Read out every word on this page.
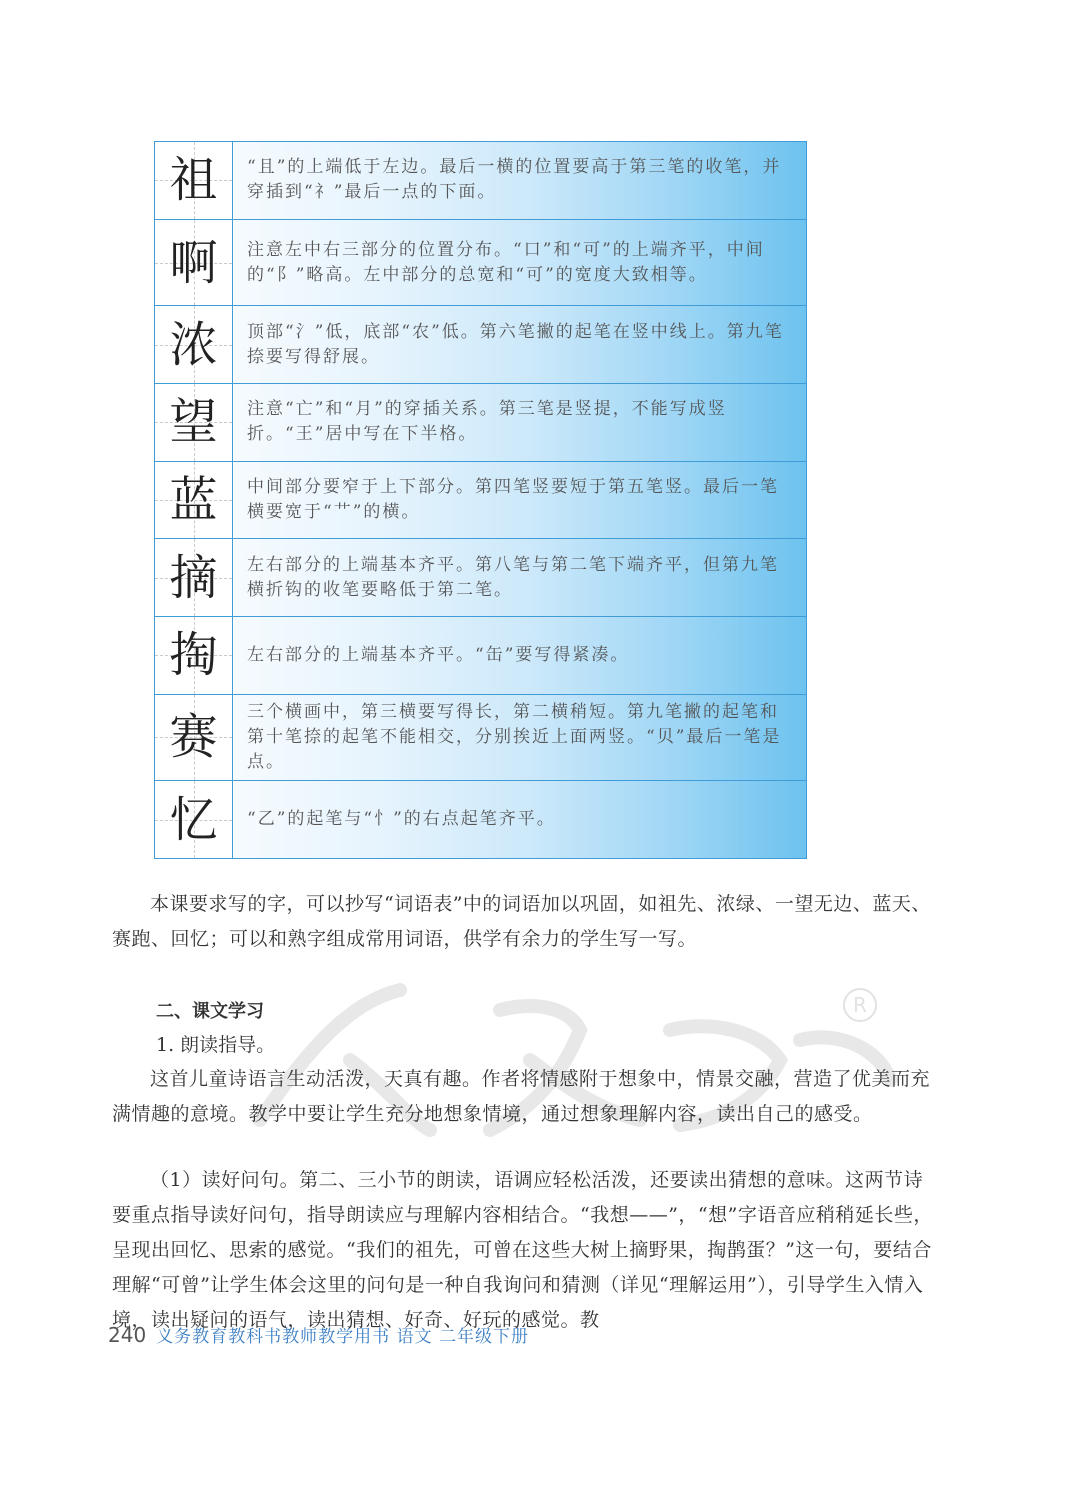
祖	“且”的上端低于左边。最后一横的位置要高于第三笔的收笔，并穿插到“礻”最后一点的下面。
啊	注意左中右三部分的位置分布。“口”和“可”的上端齐平，中间的“阝”略高。左中部分的总宽和“可”的宽度大致相等。
浓	顶部“氵”低，底部“农”低。第六笔撇的起笔在竖中线上。第九笔捺要写得舒展。
望	注意“亡”和“月”的穿插关系。第三笔是竖提，不能写成竖折。“王”居中写在下半格。
蓝	中间部分要窄于上下部分。第四笔竖要短于第五笔竖。最后一笔横要宽于“艹”的横。
摘	左右部分的上端基本齐平。第八笔与第二笔下端齐平，但第九笔横折钩的收笔要略低于第二笔。
掏	左右部分的上端基本齐平。“缶”要写得紧凑。
赛	三个横画中，第三横要写得长，第二横稍短。第九笔撇的起笔和第十笔捺的起笔不能相交，分别挨近上面两竖。“贝”最后一笔是点。
忆	“乙”的起笔与“忄”的右点起笔齐平。

本课要求写的字，可以抄写“词语表”中的词语加以巩固，如祖先、浓绿、一望无边、蓝天、赛跑、回忆；可以和熟字组成常用词语，供学有余力的学生写一写。

二、课文学习
1. 朗读指导。
R

这首儿童诗语言生动活泼，天真有趣。作者将情感附于想象中，情景交融，营造了优美而充满情趣的意境。教学中要让学生充分地想象情境，通过想象理解内容，读出自己的感受。

（1）读好问句。第二、三小节的朗读，语调应轻松活泼，还要读出猜想的意味。这两节诗要重点指导读好问句，指导朗读应与理解内容相结合。“我想——”，“想”字语音应稍稍延长些，呈现出回忆、思索的感觉。“我们的祖先，可曾在这些大树上摘野果，掏鹊蛋？”这一句，要结合理解“可曾”让学生体会这里的问句是一种自我询问和猜测（详见“理解运用”），引导学生入情入境，读出疑问的语气，读出猜想、好奇、好玩的感觉。教

240 义务教育教科书教师教学用书 语文 二年级下册
